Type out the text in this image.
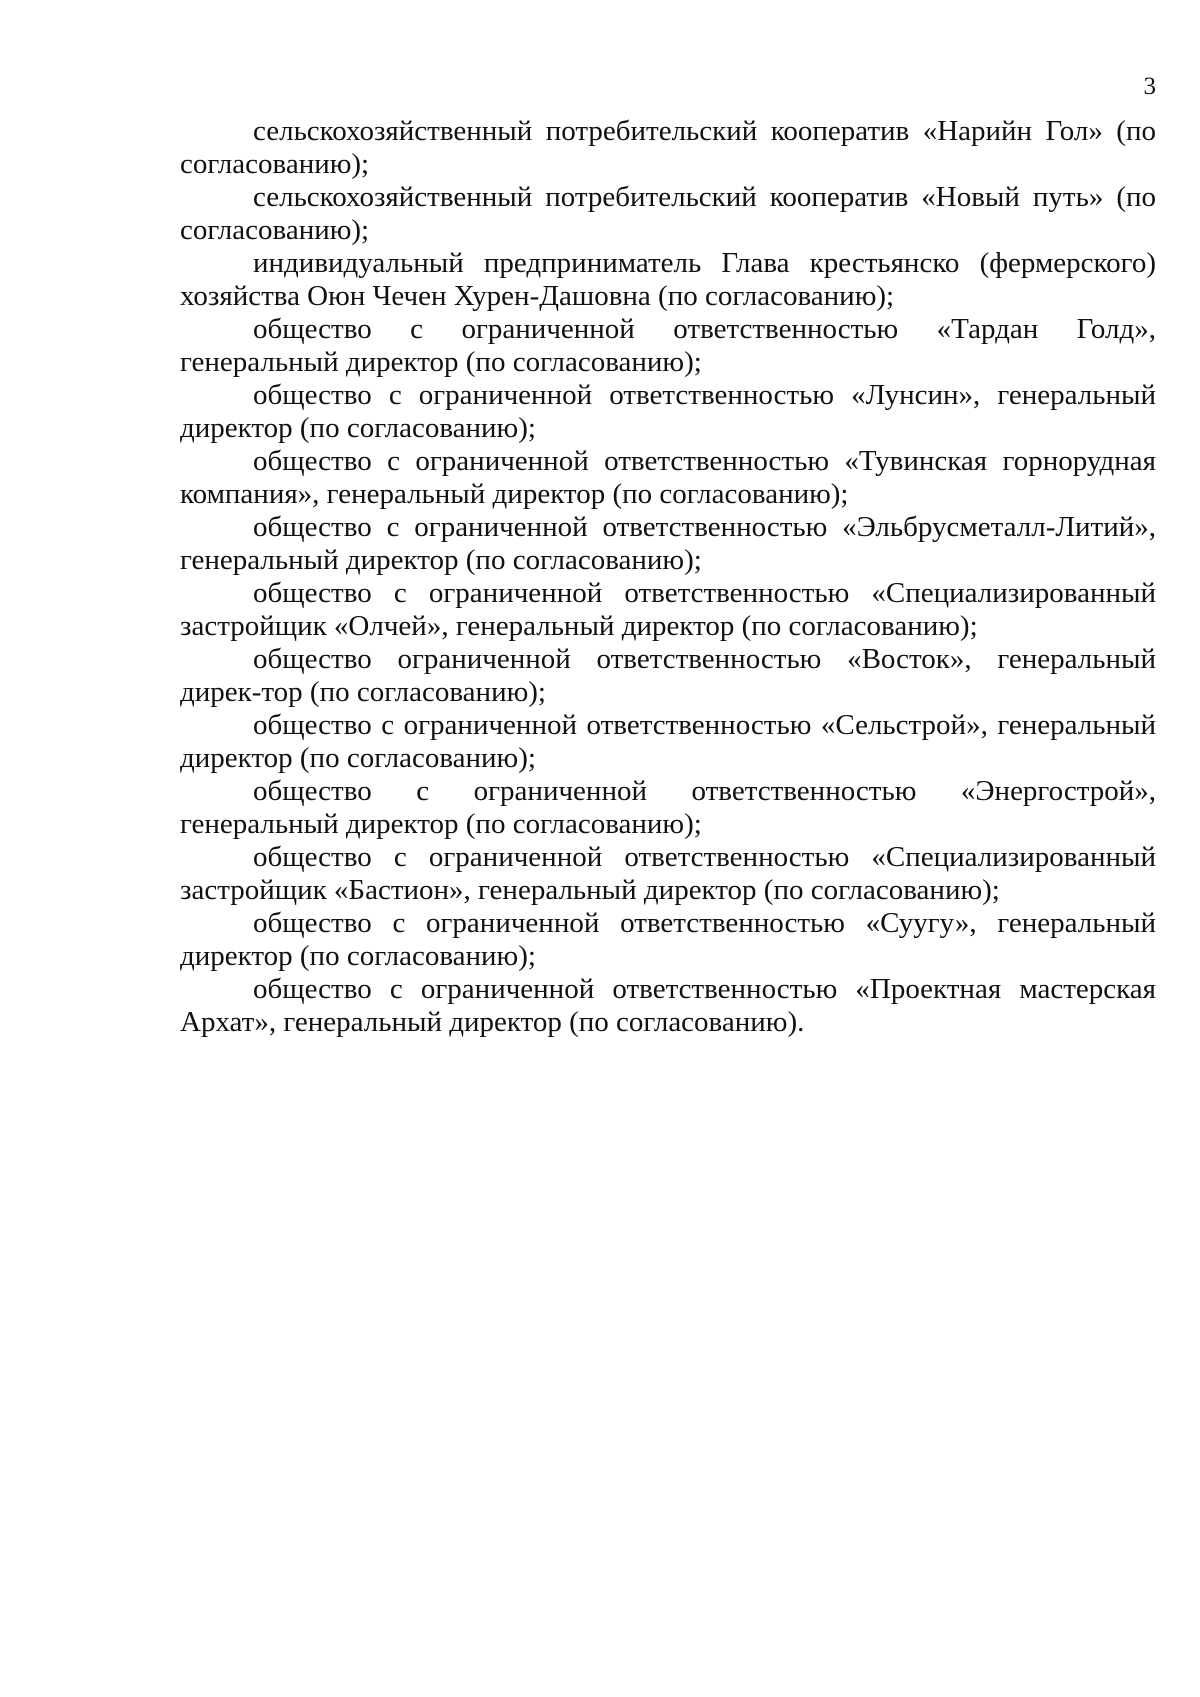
3

сельскохозяйственный потребительский кооператив «Нарийн Гол» (по согласованию);

сельскохозяйственный потребительский кооператив «Новый путь» (по согласованию);

индивидуальный предприниматель Глава крестьянско (фермерского) хозяйства Оюн Чечен Хурен-Дашовна (по согласованию);

общество с ограниченной ответственностью «Тардан Голд», генеральный директор (по согласованию);

общество с ограниченной ответственностью «Лунсин», генеральный директор (по согласованию);

общество с ограниченной ответственностью «Тувинская горнорудная компания», генеральный директор (по согласованию);

общество с ограниченной ответственностью «Эльбрусметалл-Литий», генеральный директор (по согласованию);

общество с ограниченной ответственностью «Специализированный застройщик «Олчей», генеральный директор (по согласованию);

общество ограниченной ответственностью «Восток», генеральный дирек-тор (по согласованию);

общество с ограниченной ответственностью «Сельстрой», генеральный директор (по согласованию);

общество с ограниченной ответственностью «Энергострой», генеральный директор (по согласованию);

общество с ограниченной ответственностью «Специализированный застройщик «Бастион», генеральный директор (по согласованию);

общество с ограниченной ответственностью «Суугу», генеральный директор (по согласованию);

общество с ограниченной ответственностью «Проектная мастерская Архат», генеральный директор (по согласованию).
